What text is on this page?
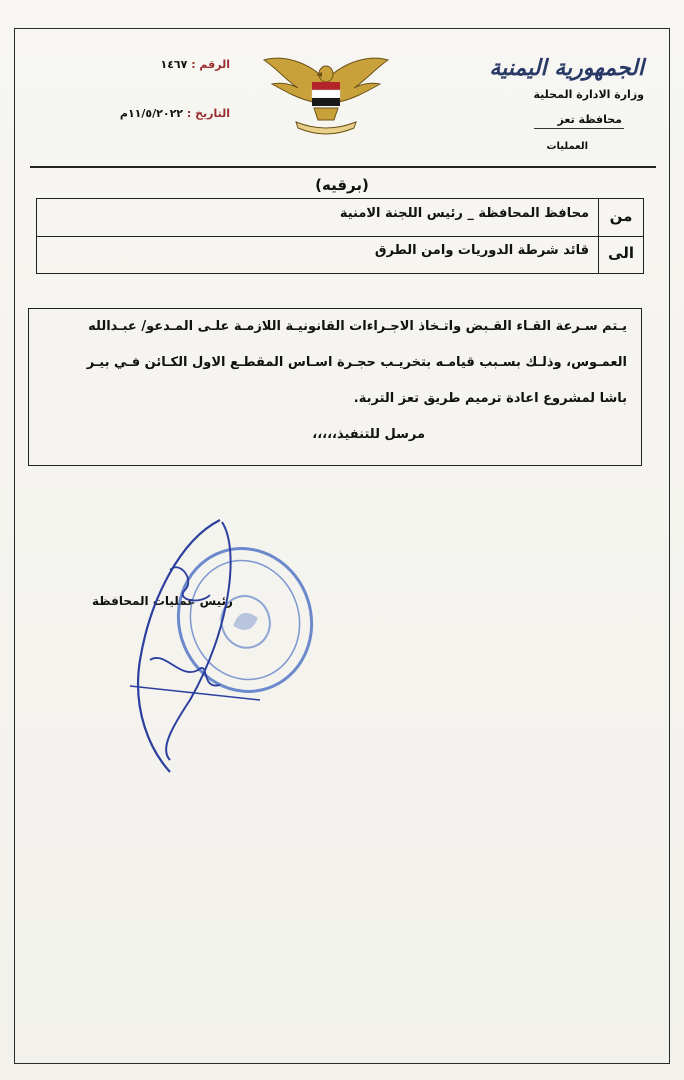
الجمهورية اليمنية
وزارة الادارة المحلية
محافظة تعز
العمليات
الرقم : ١٤٦٧
التاريخ : ١١/٥/٢٠٢٢م
(برقيه)
من
محافظ المحافظة _ رئيس اللجنة الامنية
الى
قائد شرطة الدوريات وامن الطرق
يـتم سـرعة القـاء القـبض واتـخاذ الاجـراءات القانونيـة اللازمـة علـى المـدعو/ عبـدالله
العمـوس، وذلـك بسـبب قيامـه بتخريـب حجـرة اسـاس المقطـع الاول الكـائن فـي بيـر
باشا لمشروع اعادة ترميم طريق تعز التربة.
مرسل للتنفيذ،،،،،
رئيس عمليات المحافظة
